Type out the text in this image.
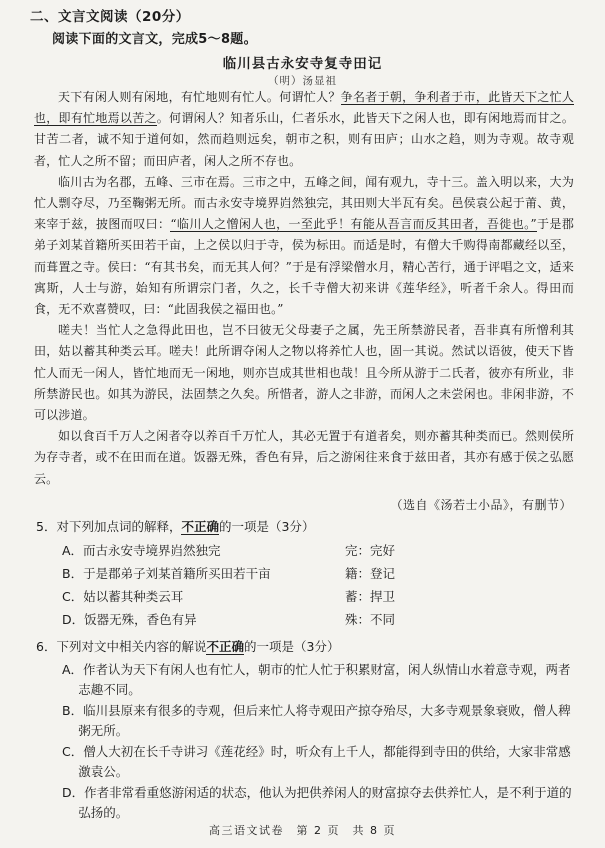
二、文言文阅读（20分）
阅读下面的文言文，完成5～8题。
临川县古永安寺复寺田记
（明）汤显祖

天下有闲人则有闲地，有忙地则有忙人。何谓忙人？争名者于朝，争利者于市，此皆天下之忙人也，即有忙地焉以苦之。何谓闲人？知者乐山，仁者乐水，此皆天下之闲人也，即有闲地焉而甘之。甘苦二者，诚不知于道何如，然而趋则远矣，朝市之积，则有田庐；山水之趋，则为寺观。故寺观者，忙人之所不留；而田庐者，闲人之所不存也。

临川古为名郡，五峰、三市在焉。三市之中，五峰之间，闻有观九，寺十三。盖入明以来，大为忙人剽夺尽，乃至鞠粥无所。而古永安寺境界岿然独完，其田则大半瓦有矣。邑侯袁公起于莆、黄，来宰于兹，披图而叹曰：“临川人之憎闲人也，一至此乎！有能从吾言而反其田者，吾徙也。”于是郡弟子刘某首籍所买田若干亩，上之侯以归于寺，侯为标田。而适是时，有僧大千购得南都藏经以至，而葺置之寺。侯曰：“有其书矣，而无其人何？”于是有浮梁僧水月，精心苦行，通于评唱之文，适来寓斯，人士与游，始知有所谓宗门者，久之，长千寺僧大初来讲《莲华经》，听者千余人。得田而食，无不欢喜赞叹，曰：“此固我侯之福田也。”

嗟夫！当忙人之急得此田也，岂不曰彼无父母妻子之属，先王所禁游民者，吾非真有所憎利其田，姑以蓄其种类云耳。嗟夫！此所谓夺闲人之物以将养忙人也，固一其说。然试以语彼，使天下皆忙人而无一闲人，皆忙地而无一闲地，则亦岂成其世相也哉！且今所从游于二氏者，彼亦有所业，非所禁游民也。如其为游民，法固禁之久矣。所惜者，游人之非游，而闲人之未尝闲也。非闲非游，不可以涉道。

如以食百千万人之闲者夺以养百千万忙人，其必无置于有道者矣，则亦蓄其种类而已。然则侯所为存寺者，或不在田而在道。饭器无殊，香色有异，后之游闲往来食于兹田者，其亦有感于侯之弘愿云。

（选自《汤若士小品》，有删节）
5．对下列加点词的解释，不正确的一项是（3分）
A．而古永安寺境界岿然独完	完：完好
B．于是郡弟子刘某首籍所买田若干亩	籍：登记
C．姑以蓄其种类云耳	蓄：捍卫
D．饭器无殊，香色有异	殊：不同
6．下列对文中相关内容的解说不正确的一项是（3分）
A．作者认为天下有闲人也有忙人，朝市的忙人忙于积累财富，闲人纵情山水着意寺观，两者志趣不同。
B．临川县原来有很多的寺观，但后来忙人将寺观田产掠夺殆尽，大多寺观景象衰败，僧人稗粥无所。
C．僧人大初在长千寺讲习《莲花经》时，听众有上千人，都能得到寺田的供给，大家非常感激袁公。
D．作者非常看重悠游闲适的状态，他认为把供养闲人的财富掠夺去供养忙人，是不利于道的弘扬的。
高三语文试卷　第 2 页　共 8 页
